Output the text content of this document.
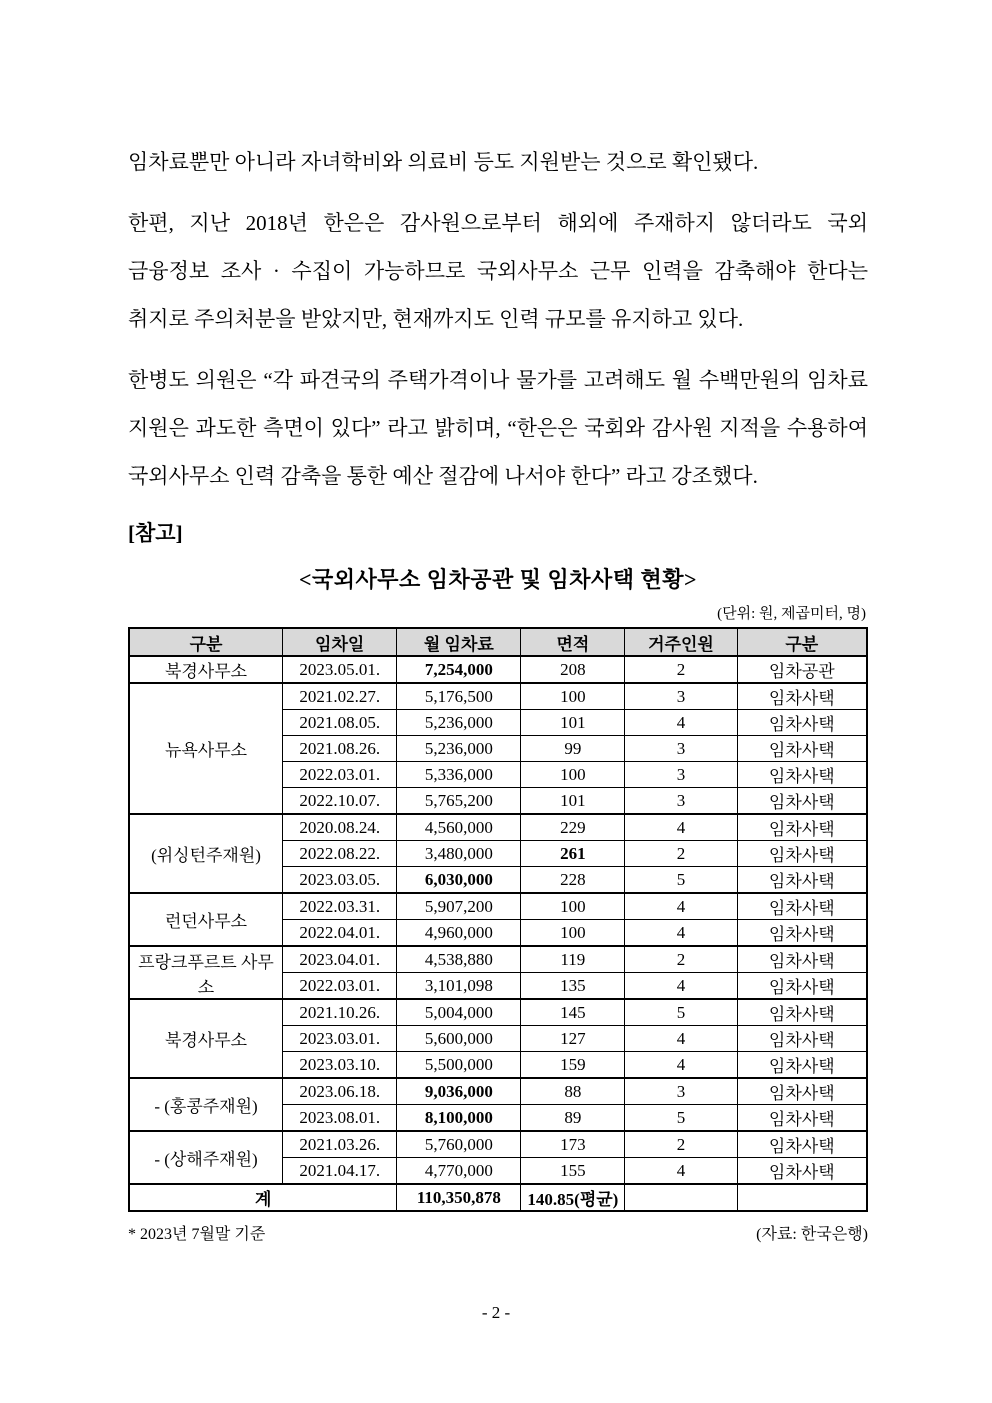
임차료뿐만 아니라 자녀학비와 의료비 등도 지원받는 것으로 확인됐다.

한편, 지난 2018년 한은은 감사원으로부터 해외에 주재하지 않더라도 국외 금융정보 조사 · 수집이 가능하므로 국외사무소 근무 인력을 감축해야 한다는 취지로 주의처분을 받았지만, 현재까지도 인력 규모를 유지하고 있다.

한병도 의원은 “각 파견국의 주택가격이나 물가를 고려해도 월 수백만원의 임차료 지원은 과도한 측면이 있다” 라고 밝히며, “한은은 국회와 감사원 지적을 수용하여 국외사무소 인력 감축을 통한 예산 절감에 나서야 한다” 라고 강조했다.

[참고]
<국외사무소 임차공관 및 임차사택 현황>
(단위: 원, 제곱미터, 명)
구분	임차일	월 임차료	면적	거주인원	구분
북경사무소	2023.05.01.	7,254,000	208	2	임차공관
뉴욕사무소	2021.02.27.	5,176,500	100	3	임차사택
	2021.08.05.	5,236,000	101	4	임차사택
	2021.08.26.	5,236,000	99	3	임차사택
	2022.03.01.	5,336,000	100	3	임차사택
	2022.10.07.	5,765,200	101	3	임차사택
(위싱턴주재원)	2020.08.24.	4,560,000	229	4	임차사택
	2022.08.22.	3,480,000	261	2	임차사택
	2023.03.05.	6,030,000	228	5	임차사택
런던사무소	2022.03.31.	5,907,200	100	4	임차사택
	2022.04.01.	4,960,000	100	4	임차사택
프랑크푸르트 사무소	2023.04.01.	4,538,880	119	2	임차사택
	2022.03.01.	3,101,098	135	4	임차사택
북경사무소	2021.10.26.	5,004,000	145	5	임차사택
	2023.03.01.	5,600,000	127	4	임차사택
	2023.03.10.	5,500,000	159	4	임차사택
- (홍콩주재원)	2023.06.18.	9,036,000	88	3	임차사택
	2023.08.01.	8,100,000	89	5	임차사택
- (상해주재원)	2021.03.26.	5,760,000	173	2	임차사택
	2021.04.17.	4,770,000	155	4	임차사택
계		110,350,878	140.85(평균)		
* 2023년 7월말 기준	(자료: 한국은행)
- 2 -
